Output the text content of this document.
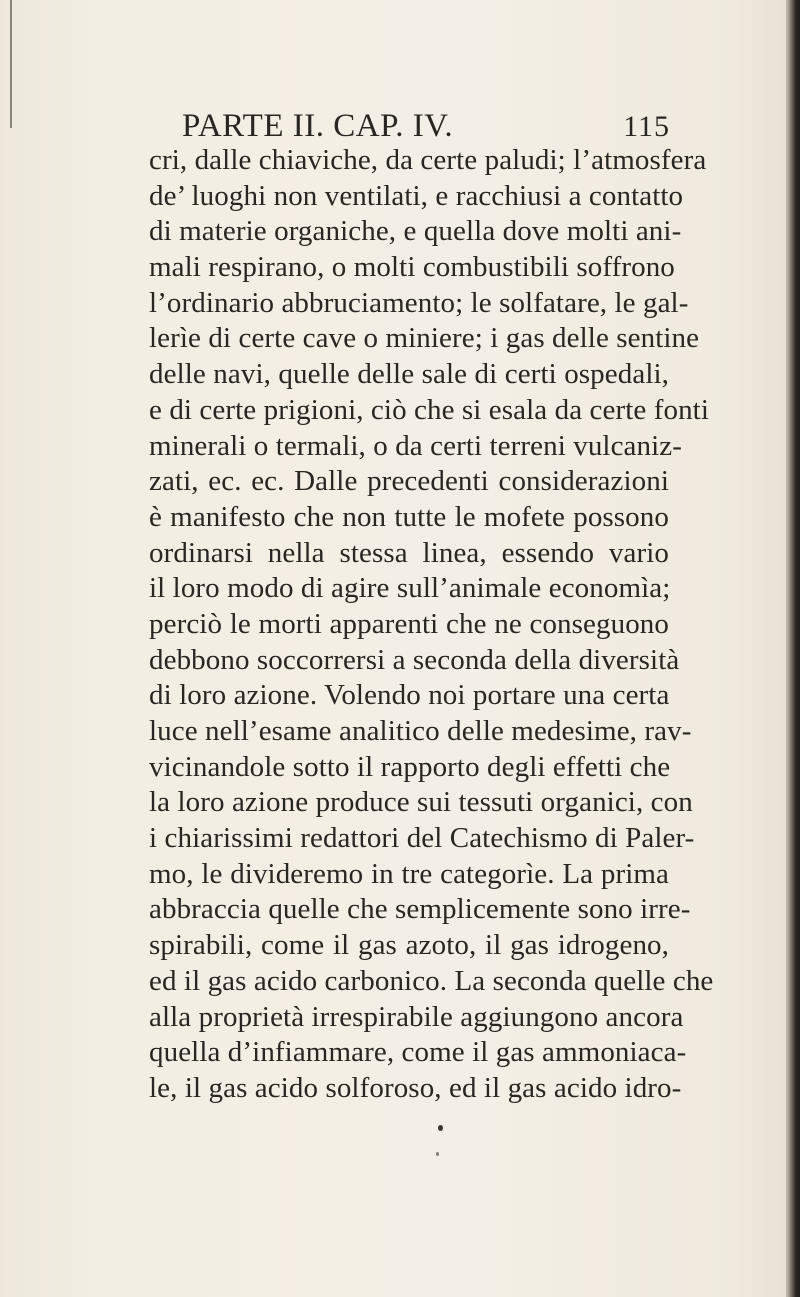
PARTE II. CAP. IV.	115
cri, dalle chiaviche, da certe paludi; l’atmosfera
de’ luoghi non ventilati, e racchiusi a contatto
di materie organiche, e quella dove molti ani-
mali respirano, o molti combustibili soffrono
l’ordinario abbruciamento; le solfatare, le gal-
lerìe di certe cave o miniere; i gas delle sentine
delle navi, quelle delle sale di certi ospedali,
e di certe prigioni, ciò che si esala da certe fonti
minerali o termali, o da certi terreni vulcaniz-
zati, ec. ec. Dalle precedenti considerazioni
è manifesto che non tutte le mofete possono
ordinarsi nella stessa linea, essendo vario
il loro modo di agire sull’animale economìa;
perciò le morti apparenti che ne conseguono
debbono soccorrersi a seconda della diversità
di loro azione. Volendo noi portare una certa
luce nell’esame analitico delle medesime, rav-
vicinandole sotto il rapporto degli effetti che
la loro azione produce sui tessuti organici, con
i chiarissimi redattori del Catechismo di Paler-
mo, le divideremo in tre categorìe. La prima
abbraccia quelle che semplicemente sono irre-
spirabili, come il gas azoto, il gas idrogeno,
ed il gas acido carbonico. La seconda quelle che
alla proprietà irrespirabile aggiungono ancora
quella d’infiammare, come il gas ammoniaca-
le, il gas acido solforoso, ed il gas acido idro-
